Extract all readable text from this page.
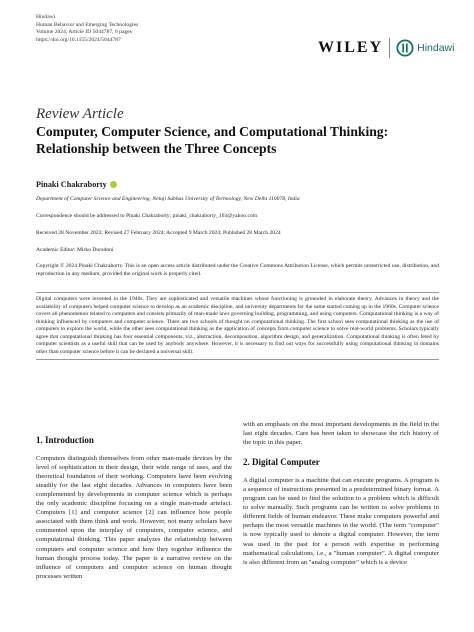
Hindawi
Human Behavior and Emerging Technologies
Volume 2024, Article ID 5044787, 6 pages
https://doi.org/10.1155/2024/5044787	WILEY	Hindawi
Review Article
Computer, Computer Science, and Computational Thinking:
Relationship between the Three Concepts
Pinaki Chakraborty
Department of Computer Science and Engineering, Netaji Subhas University of Technology, New Delhi 110078, India
Correspondence should be addressed to Pinaki Chakraborty; pinaki_chakraborty_163@yahoo.com
Received 28 November 2023; Revised 27 February 2024; Accepted 9 March 2024; Published 28 March 2024
Academic Editor: Mirko Duradoni
Copyright © 2024 Pinaki Chakraborty. This is an open access article distributed under the Creative Commons Attribution License, which permits unrestricted use, distribution, and reproduction in any medium, provided the original work is properly cited.
Digital computers were invented in the 1940s. They are sophisticated and versatile machines whose functioning is grounded in elaborate theory. Advances in theory and the availability of computers helped computer science to develop as an academic discipline, and university departments for the same started coming up in the 1960s. Computer science covers all phenomenon related to computers and consists primarily of man-made laws governing building, programming, and using computers. Computational thinking is a way of thinking influenced by computers and computer science. There are two schools of thought on computational thinking. The first school sees computational thinking as the use of computers to explore the world, while the other sees computational thinking as the application of concepts from computer science to solve real-world problems. Scholars typically agree that computational thinking has four essential components, viz., abstraction, decomposition, algorithm design, and generalization. Computational thinking is often feted by computer scientists as a useful skill that can be used by anybody anywhere. However, it is necessary to find out ways for successfully using computational thinking in domains other than computer science before it can be declared a universal skill.
1. Introduction

Computers distinguish themselves from other man-made devices by the level of sophistication in their design, their wide range of uses, and the theoretical foundation of their working. Computers have been evolving steadily for the last eight decades. Advances in computers have been complemented by developments in computer science which is perhaps the only academic discipline focusing on a single man-made artefact. Computers [1] and computer science [2] can influence how people associated with them think and work. However, not many scholars have commented upon the interplay of computers, computer science, and computational thinking. This paper analyzes the relationship between computers and computer science and how they together influence the human thought process today. The paper is a narrative review on the influence of computers and computer science on human thought processes written

with an emphasis on the most important developments in the field in the last eight decades. Care has been taken to showcase the rich history of the topic in this paper.

2. Digital Computer

A digital computer is a machine that can execute programs. A program is a sequence of instructions presented in a predetermined binary format. A program can be used to find the solution to a problem which is difficult to solve manually. Such programs can be written to solve problems in different fields of human endeavor. These make computers powerful and perhaps the most versatile machines in the world. (The term "computer" is now typically used to denote a digital computer. However, the term was used in the past for a person with expertise in performing mathematical calculations, i.e., a "human computer". A digital computer is also different from an "analog computer" which is a device
